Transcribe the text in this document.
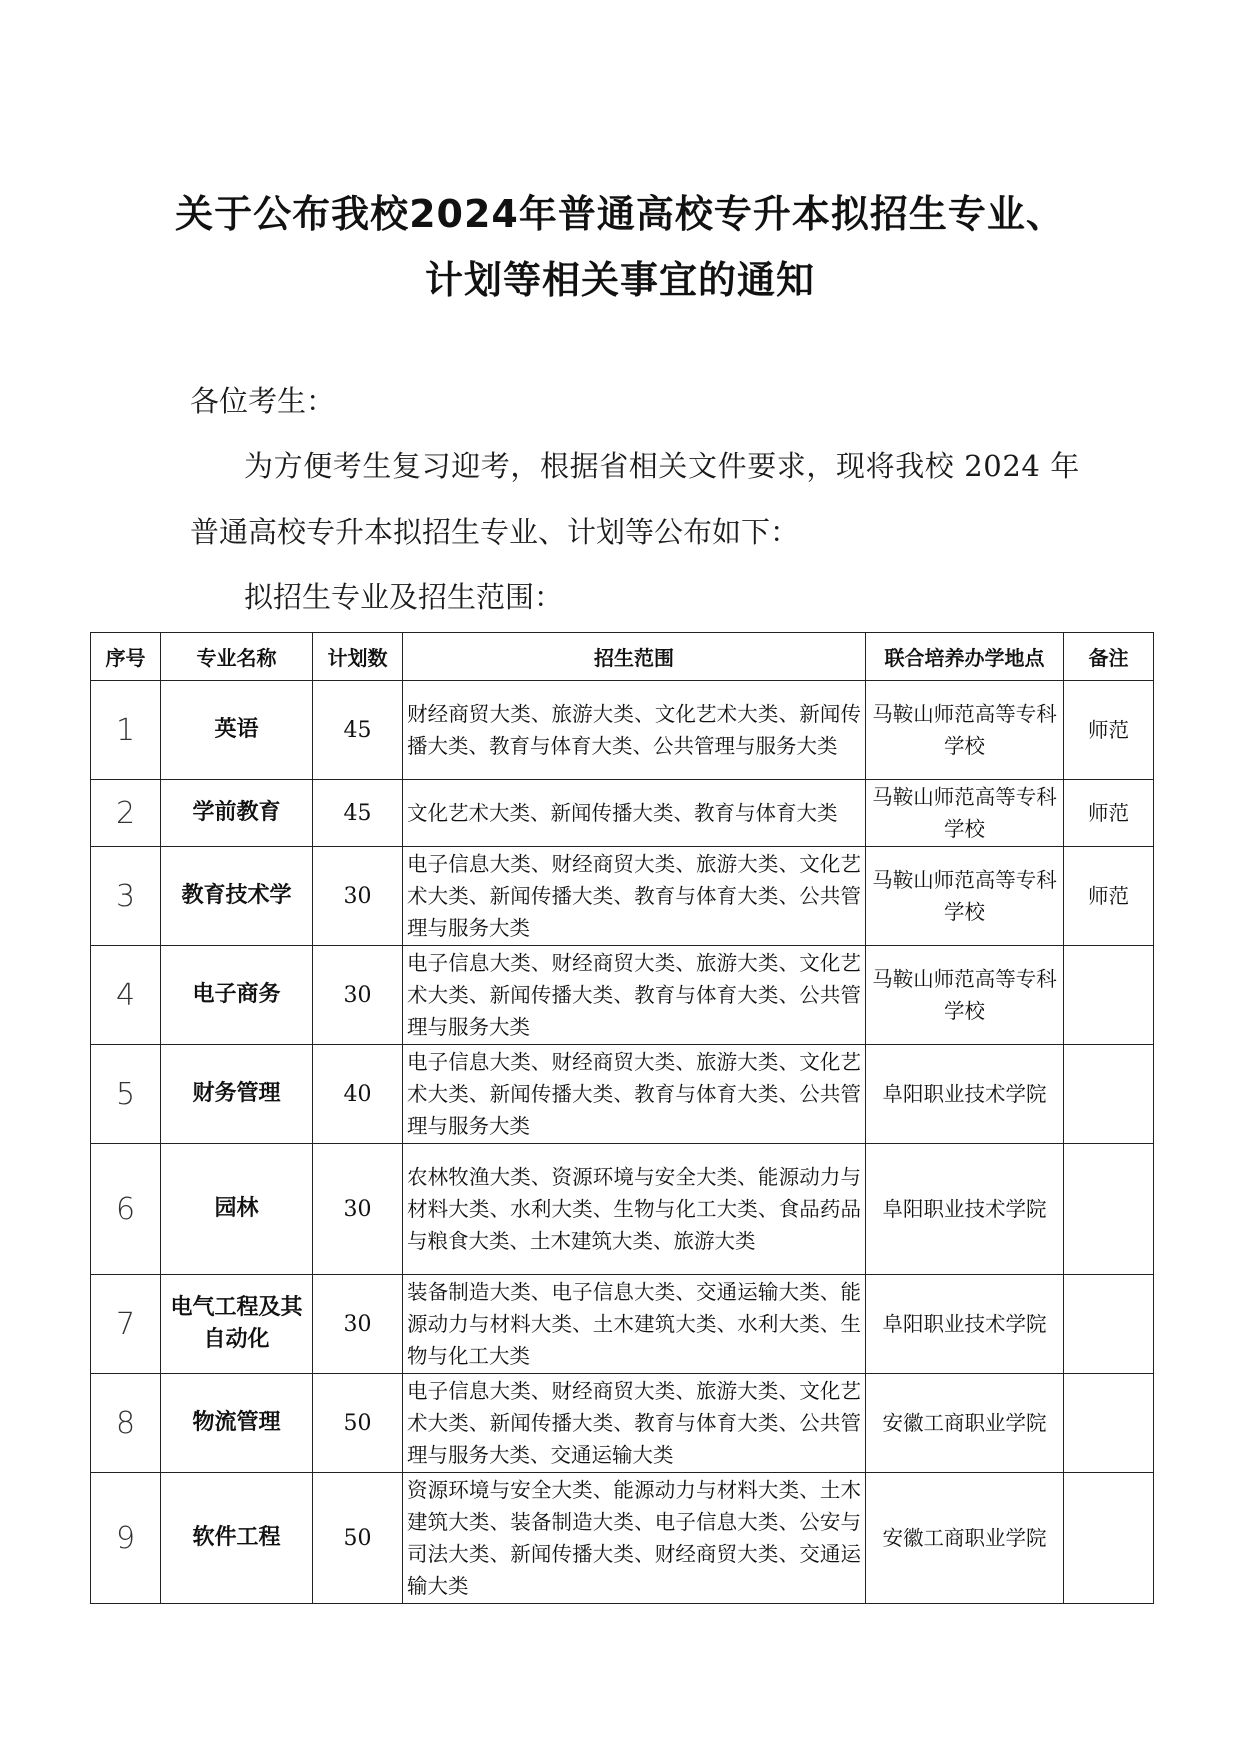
关于公布我校2024年普通高校专升本拟招生专业、
计划等相关事宜的通知
各位考生：
为方便考生复习迎考，根据省相关文件要求，现将我校 2024 年
普通高校专升本拟招生专业、计划等公布如下：
拟招生专业及招生范围：
序号	专业名称	计划数	招生范围	联合培养办学地点	备注
1	英语	45	财经商贸大类、旅游大类、文化艺术大类、新闻传播大类、教育与体育大类、公共管理与服务大类	马鞍山师范高等专科学校	师范
2	学前教育	45	文化艺术大类、新闻传播大类、教育与体育大类	马鞍山师范高等专科学校	师范
3	教育技术学	30	电子信息大类、财经商贸大类、旅游大类、文化艺术大类、新闻传播大类、教育与体育大类、公共管理与服务大类	马鞍山师范高等专科学校	师范
4	电子商务	30	电子信息大类、财经商贸大类、旅游大类、文化艺术大类、新闻传播大类、教育与体育大类、公共管理与服务大类	马鞍山师范高等专科学校	
5	财务管理	40	电子信息大类、财经商贸大类、旅游大类、文化艺术大类、新闻传播大类、教育与体育大类、公共管理与服务大类	阜阳职业技术学院	
6	园林	30	农林牧渔大类、资源环境与安全大类、能源动力与材料大类、水利大类、生物与化工大类、食品药品与粮食大类、土木建筑大类、旅游大类	阜阳职业技术学院	
7	电气工程及其自动化	30	装备制造大类、电子信息大类、交通运输大类、能源动力与材料大类、土木建筑大类、水利大类、生物与化工大类	阜阳职业技术学院	
8	物流管理	50	电子信息大类、财经商贸大类、旅游大类、文化艺术大类、新闻传播大类、教育与体育大类、公共管理与服务大类、交通运输大类	安徽工商职业学院	
9	软件工程	50	资源环境与安全大类、能源动力与材料大类、土木建筑大类、装备制造大类、电子信息大类、公安与司法大类、新闻传播大类、财经商贸大类、交通运输大类	安徽工商职业学院	
